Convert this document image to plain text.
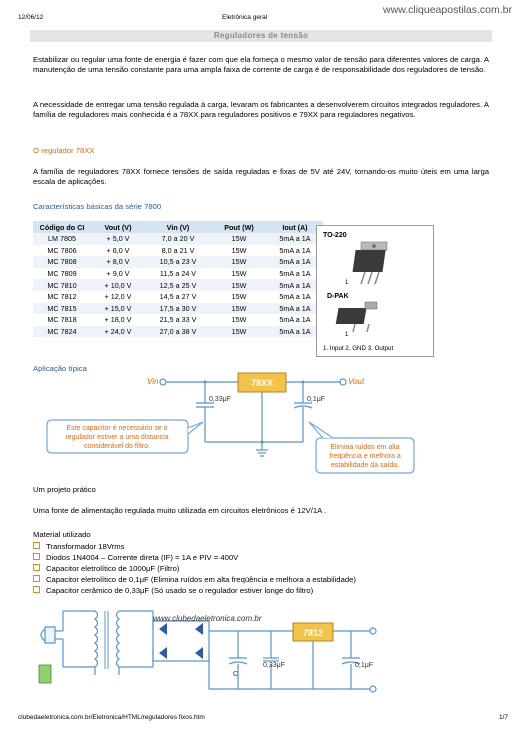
12/06/12	Eletrônica geral
www.cliqueapostilas.com.br
Reguladores de tensão
Estabilizar ou regular uma fonte de energia é fazer com que ela forneça o mesmo valor de tensão para diferentes valores de carga. A manutenção de uma tensão constante para uma ampla faixa de corrente de carga é de responsabilidade dos reguladores de tensão.
A necessidade de entregar uma tensão regulada à carga, levaram os fabricantes a desenvolverem circuitos integrados reguladores. A família de reguladores mais conhecida é a 78XX para reguladores positivos e 79XX para reguladores negativos.
O regulador 78XX
A família de reguladores 78XX fornece tensões de saída reguladas e fixas de 5V até 24V, tornando-os muito úteis em uma larga escala de aplicações.
Características básicas da série 7800
Código do CI	Vout (V)	Vin (V)	Pout (W)	Iout (A)
LM 7805	+ 5,0 V	7,0 a 20 V	15W	5mA a 1A
MC 7806	+ 6,0 V	8,0 a 21 V	15W	5mA a 1A
MC 7808	+ 8,0 V	10,5 a 23 V	15W	5mA a 1A
MC 7809	+ 9,0 V	11,5 a 24 V	15W	5mA a 1A
MC 7810	+ 10,0 V	12,5 a 25 V	15W	5mA a 1A
MC 7812	+ 12,0 V	14,5 a 27 V	15W	5mA a 1A
MC 7815	+ 15,0 V	17,5 a 30 V	15W	5mA a 1A
MC 7818	+ 18,0 V	21,5 a 33 V	15W	5mA a 1A
MC 7824	+ 24,0 V	27,0 a 38 V	15W	5mA a 1A
TO-220
1
D-PAK
1
1. Input 2. GND 3. Output
Aplicação típica
78XX
Vin	Vout
0,33μF	0,1μF
Este capacitor é necessário se o
regulador estiver a uma distancia
considerável do filtro.	Elimina ruídos em alta
freqüência e melhora a
estabilidade da saída.
Um projeto prático
Uma fonte de alimentação regulada muito utilizada em circuitos eletrônicos é 12V/1A .
Material utilizado
Transformador 18Vrms
Diodos 1N4004 – Corrente direta (IF) = 1A e PIV = 400V
Capacitor eletrolítico de 1000μF (Filtro)
Capacitor eletrolítico de 0,1μF (Elimina ruídos em alta freqüência e melhora a estabilidade)
Capacitor cerâmico de 0,33μF (Só usado se o regulador estiver longe do filtro)
7812
www.clubedaeletronica.com.br
C
0,33μF	0,1μF
clubedaeletronica.com.br/Eletronica/HTML/reguladores fixos.htm	1/7
